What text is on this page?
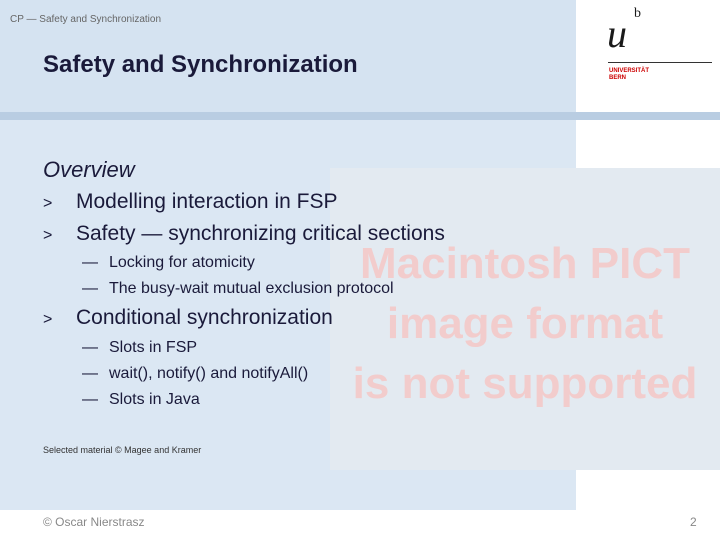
Macintosh PICT
image format
is not supported
CP — Safety and Synchronization
Safety and Synchronization
u b
UNIVERSITÄT
BERN
Overview
> Modelling interaction in FSP
> Safety — synchronizing critical sections
— Locking for atomicity
— The busy-wait mutual exclusion protocol
> Conditional synchronization
— Slots in FSP
— wait(), notify() and notifyAll()
— Slots in Java
Selected material © Magee and Kramer
© Oscar Nierstrasz	2
